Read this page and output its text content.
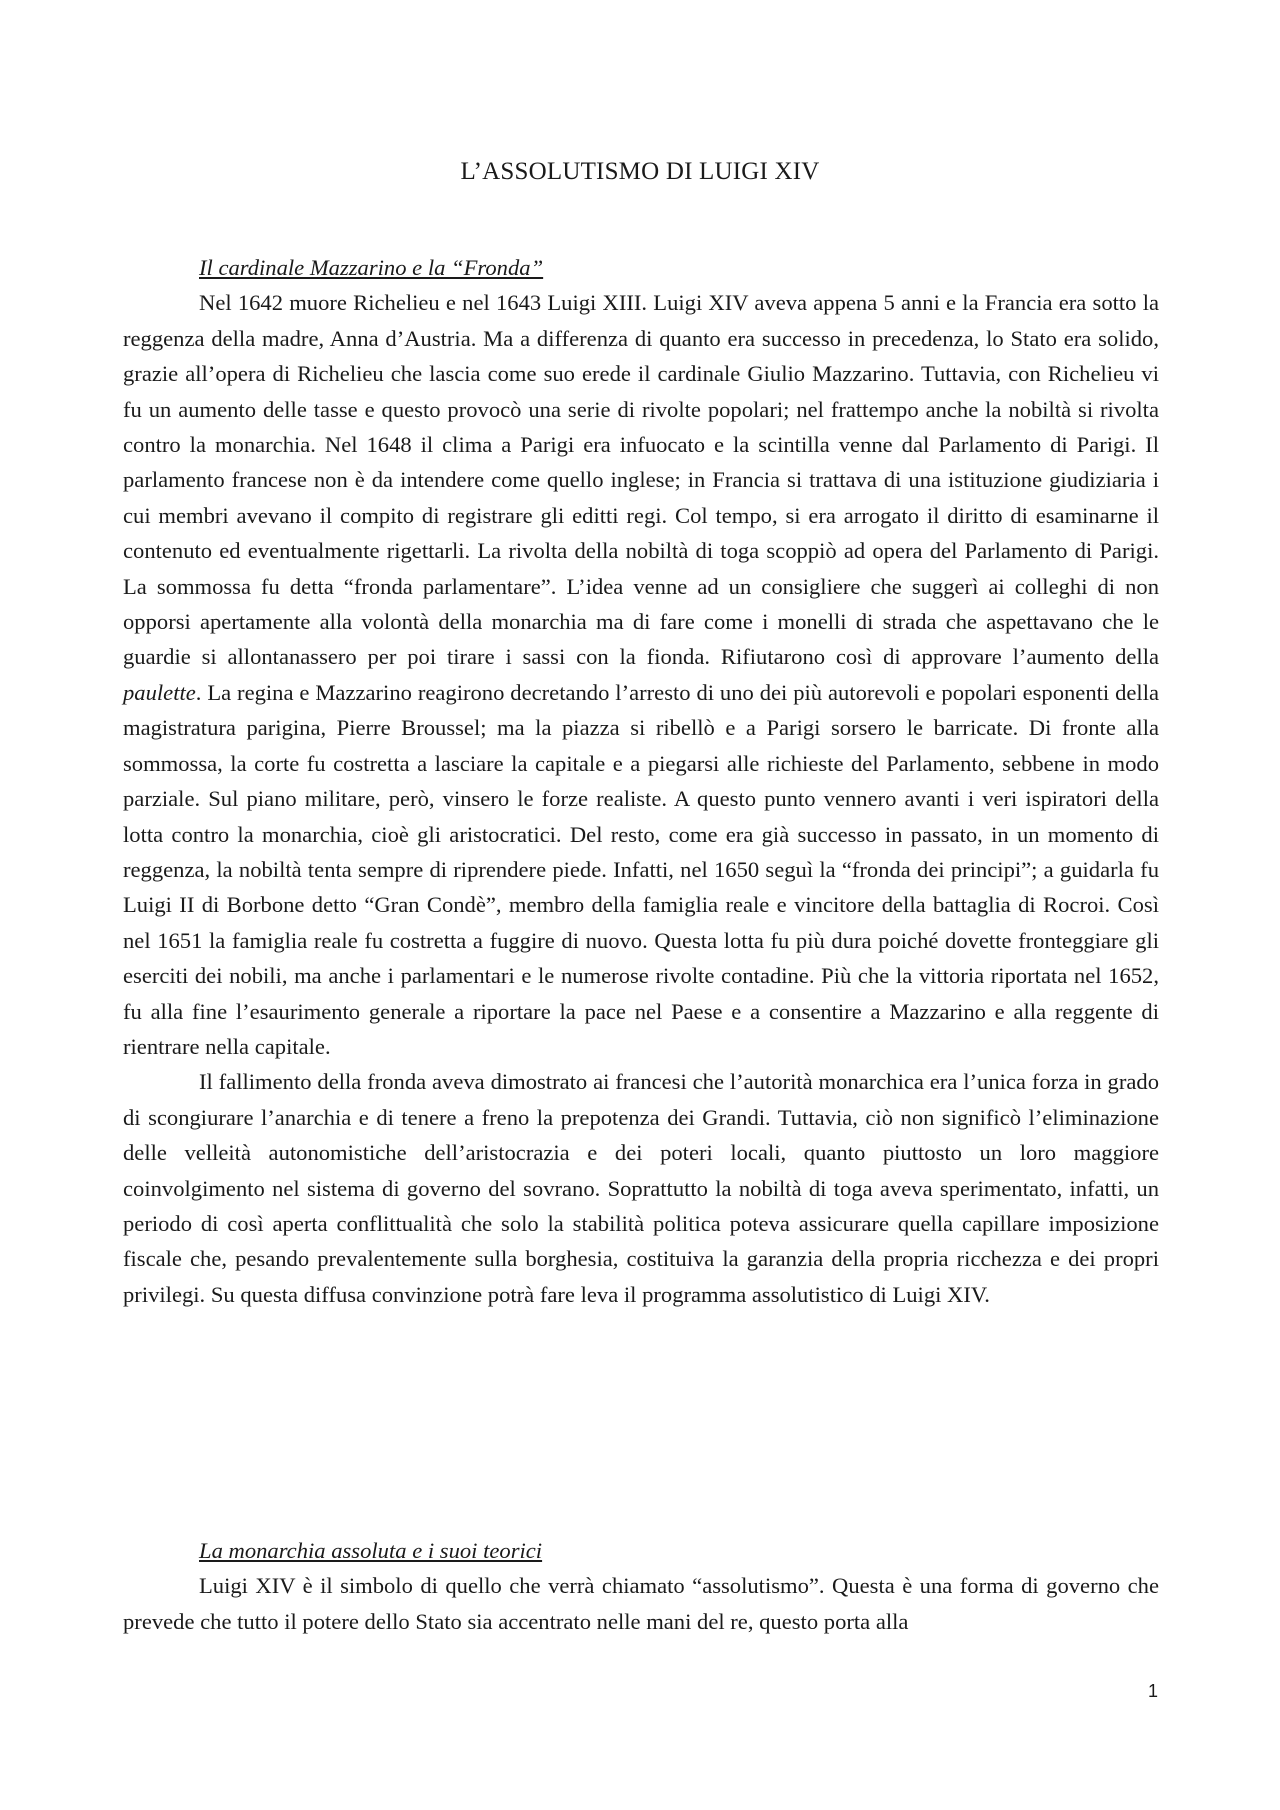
L’ASSOLUTISMO DI LUIGI XIV
Il cardinale Mazzarino e la “Fronda”

Nel 1642 muore Richelieu e nel 1643 Luigi XIII. Luigi XIV aveva appena 5 anni e la Francia era sotto la reggenza della madre, Anna d’Austria. Ma a differenza di quanto era successo in precedenza, lo Stato era solido, grazie all’opera di Richelieu che lascia come suo erede il cardinale Giulio Mazzarino. Tuttavia, con Richelieu vi fu un aumento delle tasse e questo provocò una serie di rivolte popolari; nel frattempo anche la nobiltà si rivolta contro la monarchia. Nel 1648 il clima a Parigi era infuocato e la scintilla venne dal Parlamento di Parigi. Il parlamento francese non è da intendere come quello inglese; in Francia si trattava di una istituzione giudiziaria i cui membri avevano il compito di registrare gli editti regi. Col tempo, si era arrogato il diritto di esaminarne il contenuto ed eventualmente rigettarli. La rivolta della nobiltà di toga scoppiò ad opera del Parlamento di Parigi. La sommossa fu detta “fronda parlamentare”. L’idea venne ad un consigliere che suggerì ai colleghi di non opporsi apertamente alla volontà della monarchia ma di fare come i monelli di strada che aspettavano che le guardie si allontanassero per poi tirare i sassi con la fionda. Rifiutarono così di approvare l’aumento della paulette. La regina e Mazzarino reagirono decretando l’arresto di uno dei più autorevoli e popolari esponenti della magistratura parigina, Pierre Broussel; ma la piazza si ribellò e a Parigi sorsero le barricate. Di fronte alla sommossa, la corte fu costretta a lasciare la capitale e a piegarsi alle richieste del Parlamento, sebbene in modo parziale. Sul piano militare, però, vinsero le forze realiste. A questo punto vennero avanti i veri ispiratori della lotta contro la monarchia, cioè gli aristocratici. Del resto, come era già successo in passato, in un momento di reggenza, la nobiltà tenta sempre di riprendere piede. Infatti, nel 1650 seguì la “fronda dei principi”; a guidarla fu Luigi II di Borbone detto “Gran Condè”, membro della famiglia reale e vincitore della battaglia di Rocroi. Così nel 1651 la famiglia reale fu costretta a fuggire di nuovo. Questa lotta fu più dura poiché dovette fronteggiare gli eserciti dei nobili, ma anche i parlamentari e le numerose rivolte contadine. Più che la vittoria riportata nel 1652, fu alla fine l’esaurimento generale a riportare la pace nel Paese e a consentire a Mazzarino e alla reggente di rientrare nella capitale.

Il fallimento della fronda aveva dimostrato ai francesi che l’autorità monarchica era l’unica forza in grado di scongiurare l’anarchia e di tenere a freno la prepotenza dei Grandi. Tuttavia, ciò non significò l’eliminazione delle velleità autonomistiche dell’aristocrazia e dei poteri locali, quanto piuttosto un loro maggiore coinvolgimento nel sistema di governo del sovrano. Soprattutto la nobiltà di toga aveva sperimentato, infatti, un periodo di così aperta conflittualità che solo la stabilità politica poteva assicurare quella capillare imposizione fiscale che, pesando prevalentemente sulla borghesia, costituiva la garanzia della propria ricchezza e dei propri privilegi. Su questa diffusa convinzione potrà fare leva il programma assolutistico di Luigi XIV.

La monarchia assoluta e i suoi teorici

Luigi XIV è il simbolo di quello che verrà chiamato “assolutismo”. Questa è una forma di governo che prevede che tutto il potere dello Stato sia accentrato nelle mani del re, questo porta alla

1
